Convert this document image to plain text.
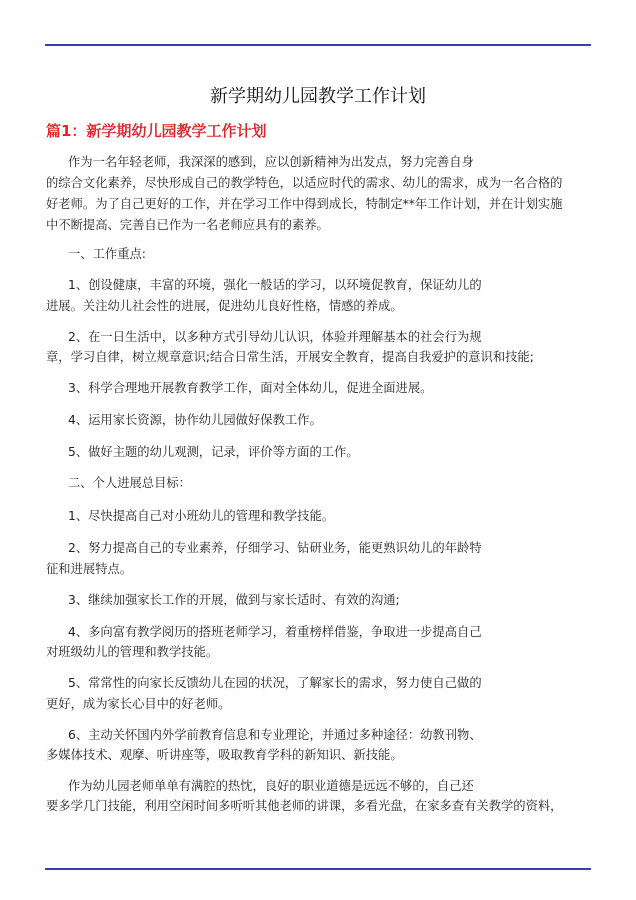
新学期幼儿园教学工作计划
篇1：新学期幼儿园教学工作计划
作为一名年轻老师，我深深的感到，应以创新精神为出发点，努力完善自身
的综合文化素养，尽快形成自己的教学特色，以适应时代的需求、幼儿的需求，成为一名合格的
好老师。为了自己更好的工作，并在学习工作中得到成长，特制定**年工作计划，并在计划实施
中不断提高、完善自已作为一名老师应具有的素养。
一、工作重点:
1、创设健康，丰富的环境，强化一般话的学习，以环境促教育，保证幼儿的
进展。关注幼儿社会性的进展，促进幼儿良好性格，情感的养成。
2、在一日生活中，以多种方式引导幼儿认识，体验并理解基本的社会行为规
章，学习自律，树立规章意识;结合日常生活，开展安全教育，提高自我爱护的意识和技能;
3、科学合理地开展教育教学工作，面对全体幼儿，促进全面进展。
4、运用家长资源，协作幼儿园做好保教工作。
5、做好主题的幼儿观测，记录，评价等方面的工作。
二、个人进展总目标：
1、尽快提高自己对小班幼儿的管理和教学技能。
2、努力提高自己的专业素养，仔细学习、钻研业务，能更熟识幼儿的年龄特
征和进展特点。
3、继续加强家长工作的开展，做到与家长适时、有效的沟通;
4、多向富有教学阅历的搭班老师学习，着重榜样借鉴，争取进一步提高自己
对班级幼儿的管理和教学技能。
5、常常性的向家长反馈幼儿在园的状况，了解家长的需求，努力使自己做的
更好，成为家长心目中的好老师。
6、主动关怀国内外学前教育信息和专业理论，并通过多种途径：幼教刊物、
多媒体技术、观摩、听讲座等，吸取教育学科的新知识、新技能。
作为幼儿园老师单单有满腔的热忱，良好的职业道德是远远不够的，自己还
要多学几门技能，利用空闲时间多听听其他老师的讲课，多看光盘，在家多查有关教学的资料，
